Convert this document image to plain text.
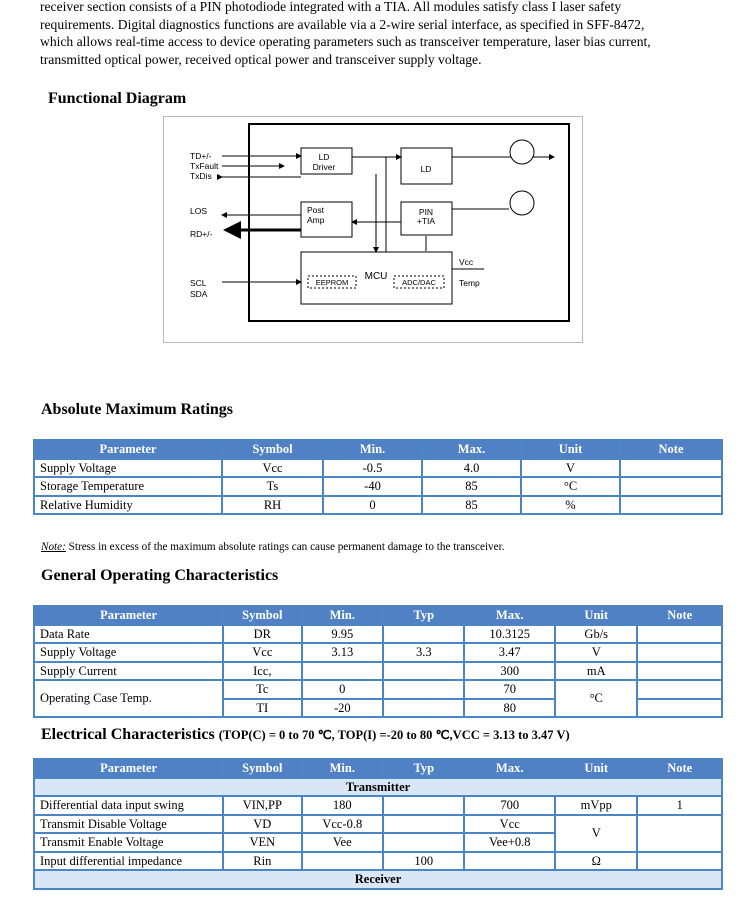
receiver section consists of a PIN photodiode integrated with a TIA. All modules satisfy class I laser safety
requirements. Digital diagnostics functions are available via a 2-wire serial interface, as specified in SFF-8472,
which allows real-time access to device operating parameters such as transceiver temperature, laser bias current,
transmitted optical power, received optical power and transceiver supply voltage.
Functional Diagram
LD
Driver	LD
Post
Amp
PIN
+TIA
MCU
EEPROM	ADC/DAC
TD+/-
TxFault
TxDis
LOS
RD+/-
SCL
SDA
Vcc
Temp
Absolute Maximum Ratings
Parameter	Symbol	Min.	Max.	Unit	Note
Supply Voltage	Vcc	-0.5	4.0	V	
Storage Temperature	Ts	-40	85	°C	
Relative Humidity	RH	0	85	%	
Note: Stress in excess of the maximum absolute ratings can cause permanent damage to the transceiver.
General Operating Characteristics
Parameter	Symbol	Min.	Typ	Max.	Unit	Note
Data Rate	DR	9.95		10.3125	Gb/s	
Supply Voltage	Vcc	3.13	3.3	3.47	V	
Supply Current	Icc,			300	mA	
Operating Case Temp.	Tc	0		70	°C	
	TI	-20		80		
Electrical Characteristics (TOP(C) = 0 to 70 ℃, TOP(I) =-20 to 80 ℃,VCC = 3.13 to 3.47 V)
Parameter	Symbol	Min.	Typ	Max.	Unit	Note
Transmitter						
Differential data input swing	VIN,PP	180		700	mVpp	1
Transmit Disable Voltage	VD	Vcc-0.8		Vcc	V	
Transmit Enable Voltage	VEN	Vee		Vee+0.8		
Input differential impedance	Rin		100		Ω	
Receiver						
